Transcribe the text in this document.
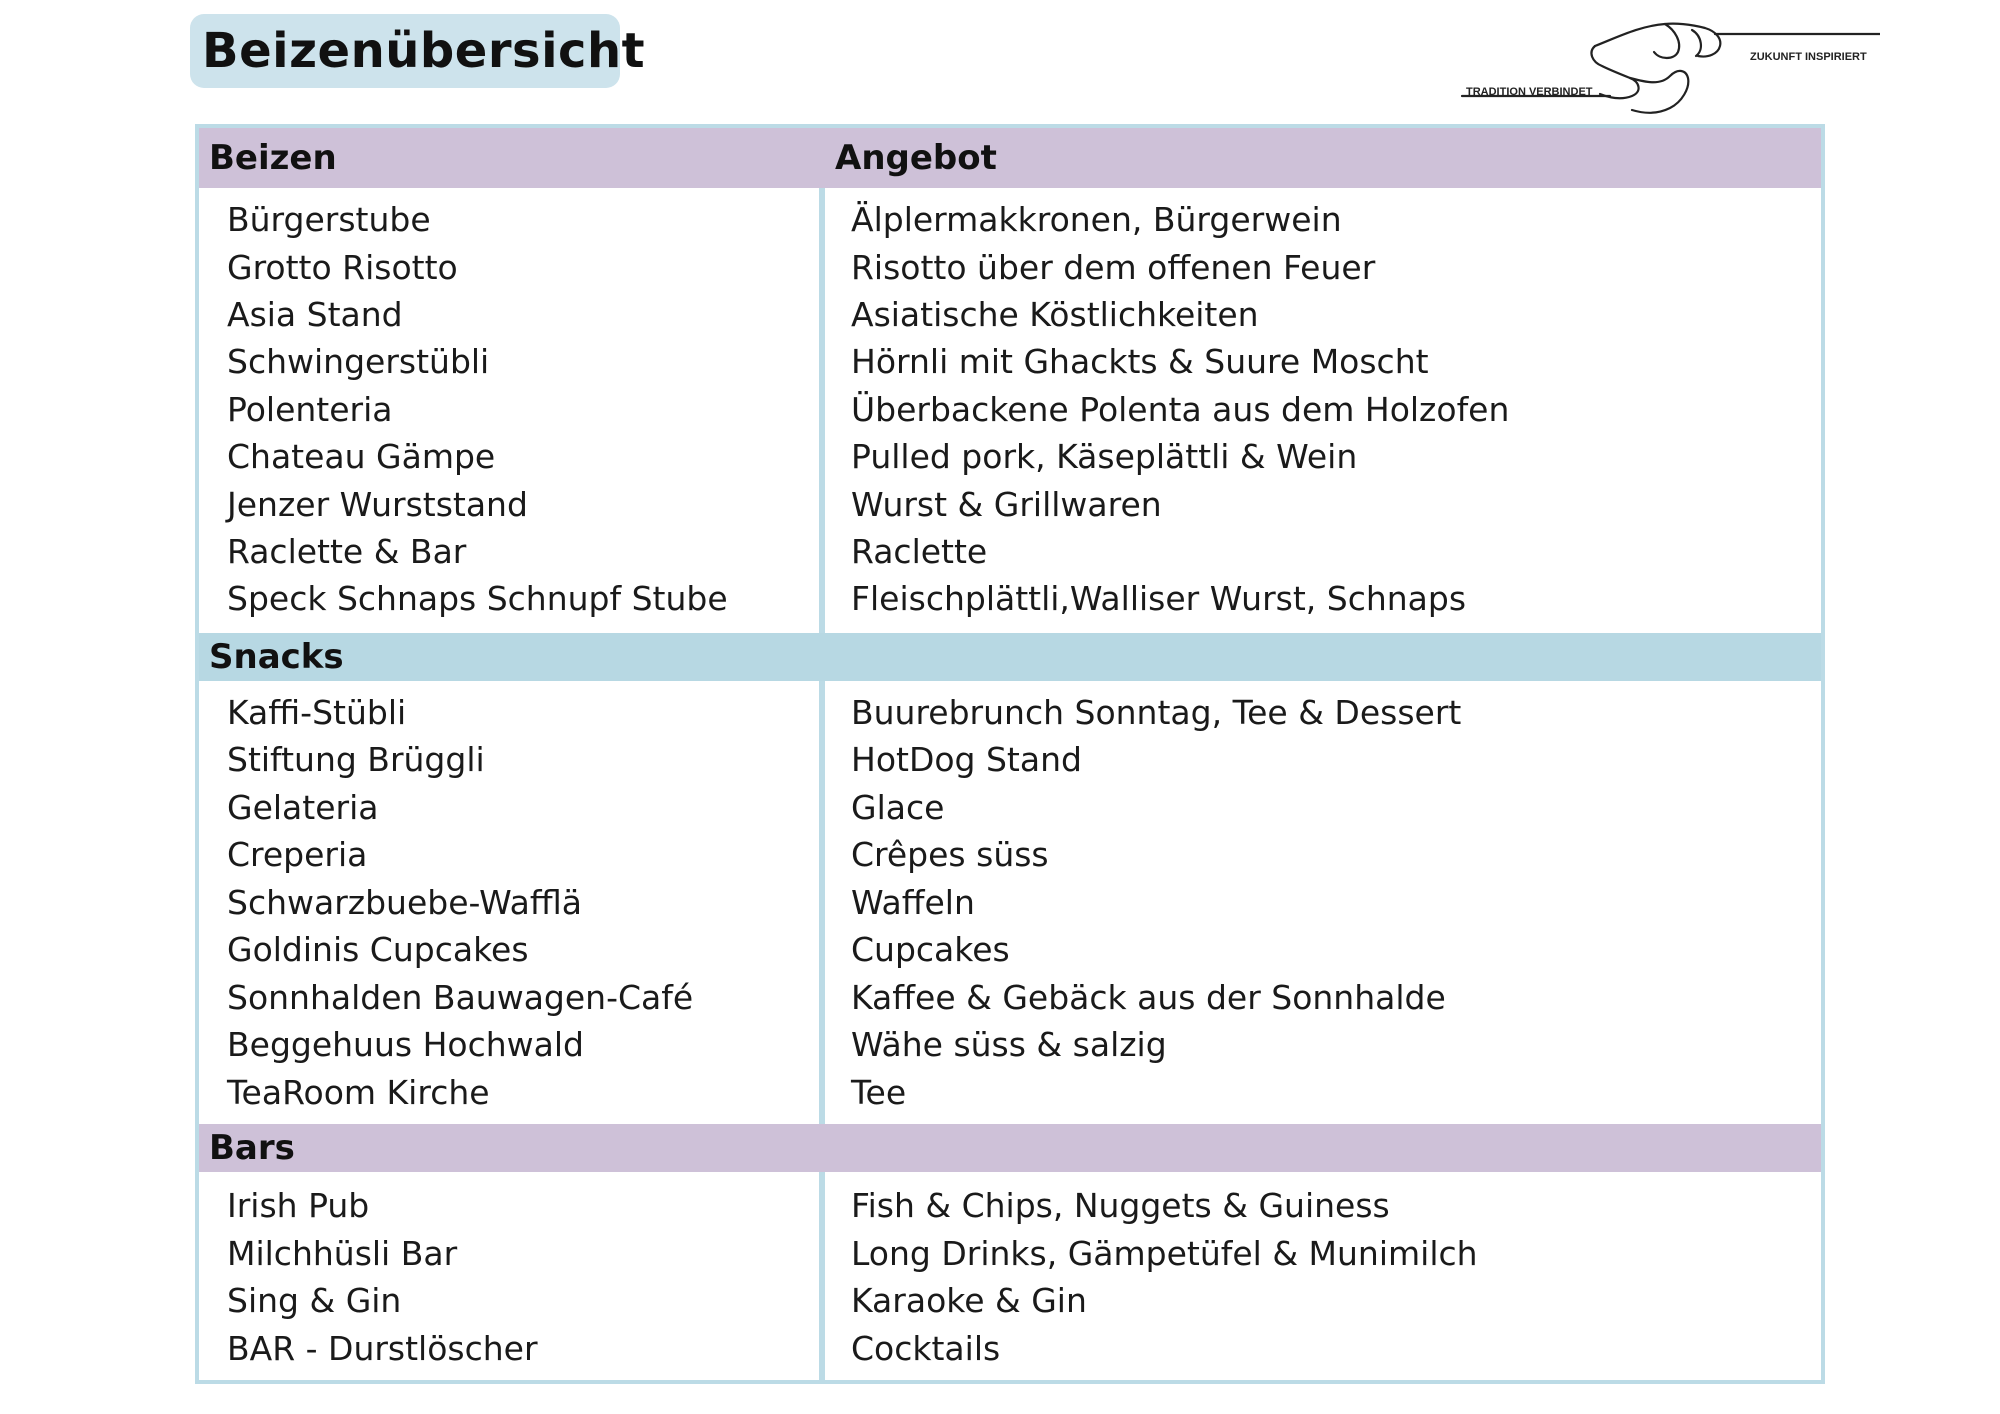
Beizenübersicht
TRADITION VERBINDET
ZUKUNFT INSPIRIERT
Beizen	Angebot
Bürgerstube
Grotto Risotto
Asia Stand
Schwingerstübli
Polenteria
Chateau Gämpe
Jenzer Wurststand
Raclette & Bar
Speck Schnaps Schnupf Stube
Älplermakkronen, Bürgerwein
Risotto über dem offenen Feuer
Asiatische Köstlichkeiten
Hörnli mit Ghackts & Suure Moscht
Überbackene Polenta aus dem Holzofen
Pulled pork, Käseplättli & Wein
Wurst & Grillwaren
Raclette
Fleischplättli,Walliser Wurst, Schnaps
Snacks
Kaffi-Stübli
Stiftung Brüggli
Gelateria
Creperia
Schwarzbuebe-Wafflä
Goldinis Cupcakes
Sonnhalden Bauwagen-Café
Beggehuus Hochwald
TeaRoom Kirche
Buurebrunch Sonntag, Tee & Dessert
HotDog Stand
Glace
Crêpes süss
Waffeln
Cupcakes
Kaffee & Gebäck aus der Sonnhalde
Wähe süss & salzig
Tee
Bars
Irish Pub
Milchhüsli Bar
Sing & Gin
BAR - Durstlöscher
Fish & Chips, Nuggets & Guiness
Long Drinks, Gämpetüfel & Munimilch
Karaoke & Gin
Cocktails
